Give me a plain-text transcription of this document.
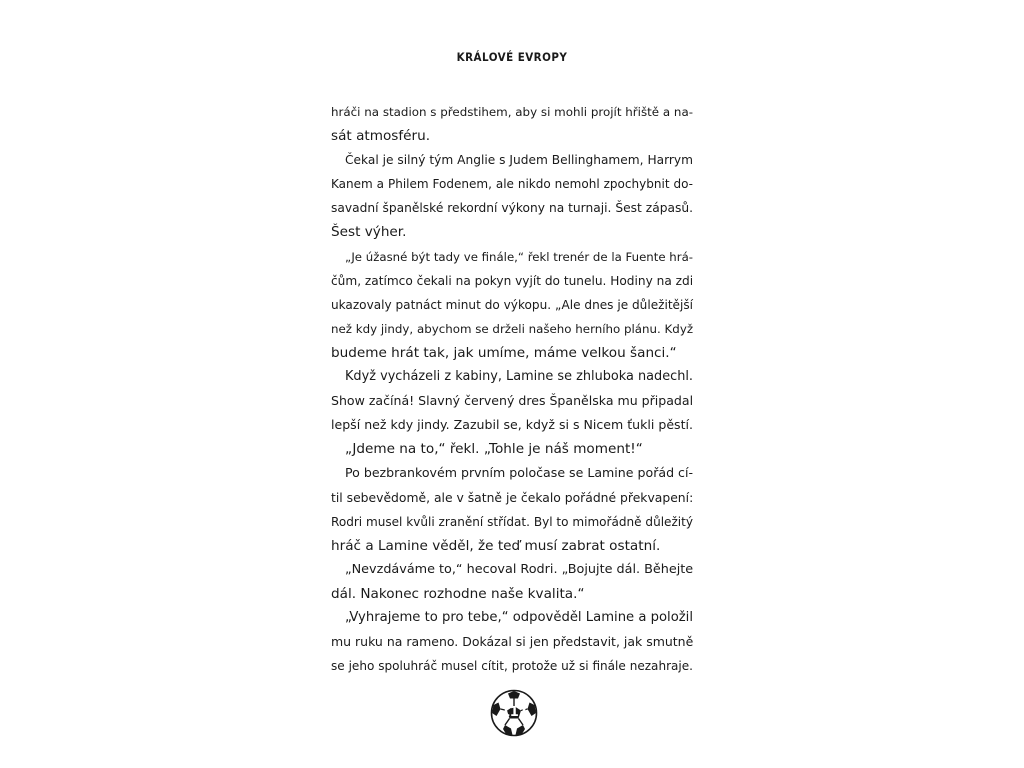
KRÁLOVÉ EVROPY
hráči na stadion s předstihem, aby si mohli projít hřiště a na-
sát atmosféru.
Čekal je silný tým Anglie s Judem Bellinghamem, Harrym
Kanem a Philem Fodenem, ale nikdo nemohl zpochybnit do-
savadní španělské rekordní výkony na turnaji. Šest zápasů.
Šest výher.
„Je úžasné být tady ve finále,“ řekl trenér de la Fuente hrá-
čům, zatímco čekali na pokyn vyjít do tunelu. Hodiny na zdi
ukazovaly patnáct minut do výkopu. „Ale dnes je důležitější
než kdy jindy, abychom se drželi našeho herního plánu. Když
budeme hrát tak, jak umíme, máme velkou šanci.“
Když vycházeli z kabiny, Lamine se zhluboka nadechl.
Show začíná! Slavný červený dres Španělska mu připadal
lepší než kdy jindy. Zazubil se, když si s Nicem ťukli pěstí.
„Jdeme na to,“ řekl. „Tohle je náš moment!“
Po bezbrankovém prvním poločase se Lamine pořád cí-
til sebevědomě, ale v šatně je čekalo pořádné překvapení:
Rodri musel kvůli zranění střídat. Byl to mimořádně důležitý
hráč a Lamine věděl, že teď musí zabrat ostatní.
„Nevzdáváme to,“ hecoval Rodri. „Bojujte dál. Běhejte
dál. Nakonec rozhodne naše kvalita.“
„Vyhrajeme to pro tebe,“ odpověděl Lamine a položil
mu ruku na rameno. Dokázal si jen představit, jak smutně
se jeho spoluhráč musel cítit, protože už si finále nezahraje.
117
